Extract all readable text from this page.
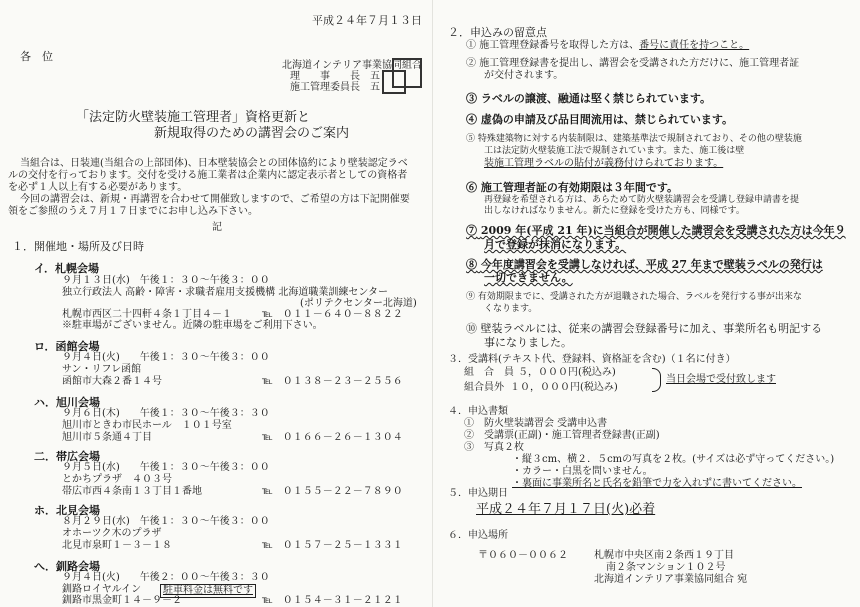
平成２４年７月１３日
各　位
北海道インテリア事業協同組合
理　　事　　長 五
施工管理委員長 五
「法定防火壁装施工管理者」資格更新と
新規取得のための講習会のご案内
当組合は、日装連(当組合の上部団体)、日本壁装協会との団体協約により壁装認定ラベ
ルの交付を行っております。交付を受ける施工業者は企業内に認定表示者としての資格者
を必ず１人以上有する必要があります。
今回の講習会は、新規・再講習を合わせて開催致しますので、ご希望の方は下記開催要
領をご参照のうえ７月１７日までにお申し込み下さい。
記
１．開催地・場所及び日時
イ．札幌会場
９月１３日(水)　午後１：３０～午後３：００
独立行政法人 高齢・障害・求職者雇用支援機構 北海道職業訓練センター
(ポリテクセンター北海道)
札幌市西区二十四軒４条１丁目４－１	℡　０１１－６４０－８８２２
※駐車場がございません。近隣の駐車場をご利用下さい。
ロ．函館会場
９月４日(火)　　午後１：３０～午後３：００
サン・リフレ函館
函館市大森２番１４号	℡　０１３８－２３－２５５６
ハ．旭川会場
９月６日(木)　　午後１：３０～午後３：３０
旭川市ときわ市民ホール　１０１号室
旭川市５条通４丁目	℡　０１６６－２６－１３０４
二．帯広会場
９月５日(水)　　午後１：３０～午後３：００
とかちプラザ　４０３号
帯広市西４条南１３丁目１番地	℡　０１５５－２２－７８９０
ホ．北見会場
８月２９日(水)　午後１：３０～午後３：００
オホーツク木のプラザ
北見市泉町１－３－１８	℡　０１５７－２５－１３３１
へ．釧路会場
９月４日(火)　　午後２：００～午後３：３０
釧路ロイヤルイン	駐車料金は無料です
釧路市黒金町１４－９－２	℡　０１５４－３１－２１２１
２．申込みの留意点
① 施工管理登録番号を取得した方は、番号に責任を持つこと。
② 施工管理登録書を提出し、講習会を受講された方だけに、施工管理者証
が交付されます。
③ ラベルの譲渡、融通は堅く禁じられています。
④ 虚偽の申請及び品目間流用は、禁じられています。
⑤ 特殊建築物に対する内装制限は、建築基準法で規制されており、その他の壁装施
工は法定防火壁装施工法で規制されています。また、施工後は壁
装施工管理ラベルの貼付が義務付けられております。
⑥ 施工管理者証の有効期限は３年間です。
再登録を希望される方は、あらためて防火壁装講習会を受講し登録申請書を提
出しなければなりません。新たに登録を受けた方も、同様です。
⑦ 2009 年(平成 21 年)に当組合が開催した講習会を受講された方は今年９
月で登録が抹消になります。
⑧ 今年度講習会を受講しなければ、平成 27 年まで壁装ラベルの発行は
一切できません。
⑨ 有効期限までに、受講された方が退職された場合、ラベルを発行する事が出来な
くなります。
⑩ 壁装ラベルには、従来の講習会登録番号に加え、事業所名も明記する
事になりました。
３．受講料(テキスト代、登録料、資格証を含む)（１名に付き）
組　合　員 ５，０００円(税込み)
組合員外 １０，０００円(税込み)
当日会場で受付致します
４．申込書類
①　防火壁装講習会 受講申込書
②　受講票(正副)・施工管理者登録書(正副)
③　写真２枚
・縦３cm、横２．５cmの写真を２枚。(サイズは必ず守ってください。)
・カラー・白黒を問いません。
・裏面に事業所名と氏名を鉛筆で力を入れずに書いてください。
５．申込期日
平成２４年７月１７日(火)必着
６．申込場所
〒０６０－００６２	札幌市中央区南２条西１９丁目
南２条マンション１０２号
北海道インテリア事業協同組合 宛
